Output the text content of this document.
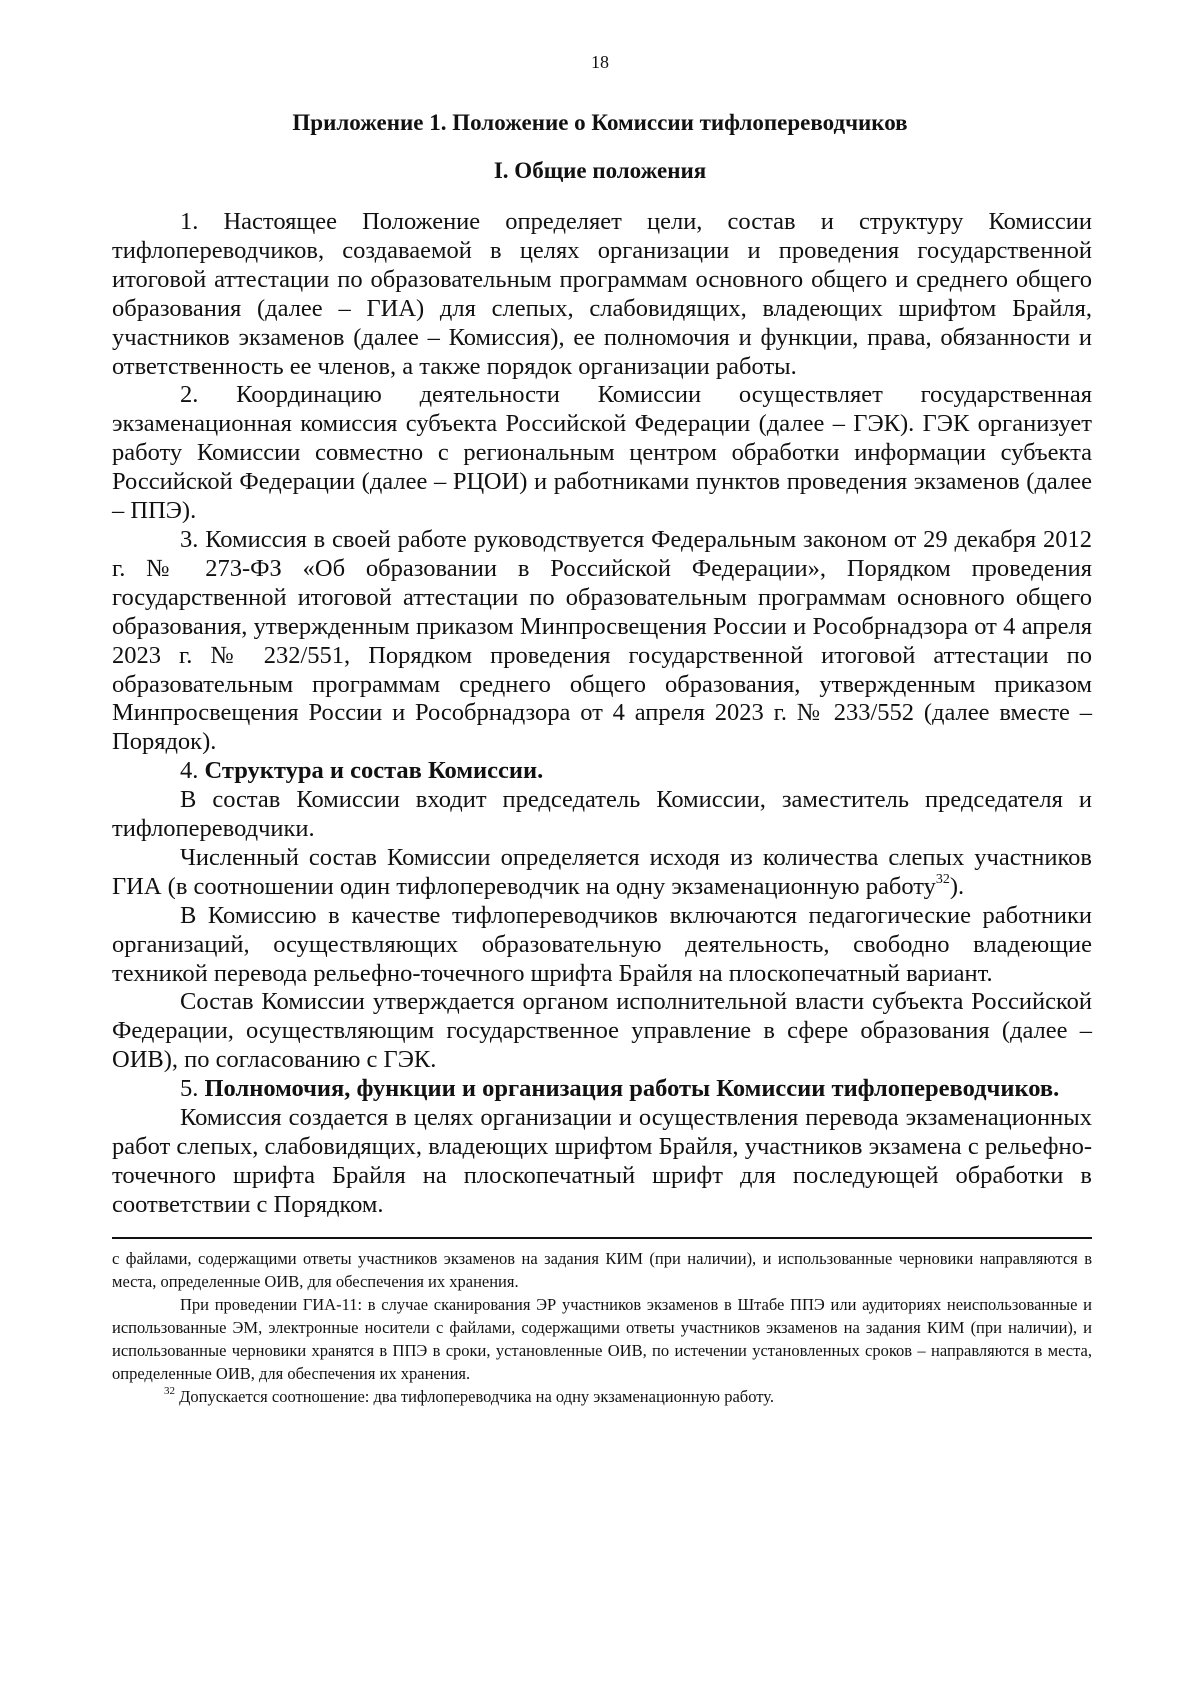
18
Приложение 1. Положение о Комиссии тифлопереводчиков
I. Общие положения

1. Настоящее Положение определяет цели, состав и структуру Комиссии тифлопереводчиков, создаваемой в целях организации и проведения государственной итоговой аттестации по образовательным программам основного общего и среднего общего образования (далее – ГИА) для слепых, слабовидящих, владеющих шрифтом Брайля, участников экзаменов (далее – Комиссия), ее полномочия и функции, права, обязанности и ответственность ее членов, а также порядок организации работы.

2. Координацию деятельности Комиссии осуществляет государственная экзаменационная комиссия субъекта Российской Федерации (далее – ГЭК). ГЭК организует работу Комиссии совместно с региональным центром обработки информации субъекта Российской Федерации (далее – РЦОИ) и работниками пунктов проведения экзаменов (далее – ППЭ).

3. Комиссия в своей работе руководствуется Федеральным законом от 29 декабря 2012 г. № 273-ФЗ «Об образовании в Российской Федерации», Порядком проведения государственной итоговой аттестации по образовательным программам основного общего образования, утвержденным приказом Минпросвещения России и Рособрнадзора от 4 апреля 2023 г. № 232/551, Порядком проведения государственной итоговой аттестации по образовательным программам среднего общего образования, утвержденным приказом Минпросвещения России и Рособрнадзора от 4 апреля 2023 г. № 233/552 (далее вместе – Порядок).

4. Структура и состав Комиссии.

В состав Комиссии входит председатель Комиссии, заместитель председателя и тифлопереводчики.

Численный состав Комиссии определяется исходя из количества слепых участников ГИА (в соотношении один тифлопереводчик на одну экзаменационную работу$^{32}$).

В Комиссию в качестве тифлопереводчиков включаются педагогические работники организаций, осуществляющих образовательную деятельность, свободно владеющие техникой перевода рельефно-точечного шрифта Брайля на плоскопечатный вариант.

Состав Комиссии утверждается органом исполнительной власти субъекта Российской Федерации, осуществляющим государственное управление в сфере образования (далее – ОИВ), по согласованию с ГЭК.

5. Полномочия, функции и организация работы Комиссии тифлопереводчиков.

Комиссия создается в целях организации и осуществления перевода экзаменационных работ слепых, слабовидящих, владеющих шрифтом Брайля, участников экзамена с рельефно-точечного шрифта Брайля на плоскопечатный шрифт для последующей обработки в соответствии с Порядком.

с файлами, содержащими ответы участников экзаменов на задания КИМ (при наличии), и использованные черновики направляются в места, определенные ОИВ, для обеспечения их хранения.

При проведении ГИА-11: в случае сканирования ЭР участников экзаменов в Штабе ППЭ или аудиториях неиспользованные и использованные ЭМ, электронные носители с файлами, содержащими ответы участников экзаменов на задания КИМ (при наличии), и использованные черновики хранятся в ППЭ в сроки, установленные ОИВ, по истечении установленных сроков – направляются в места, определенные ОИВ, для обеспечения их хранения.

$^{32}$ Допускается соотношение: два тифлопереводчика на одну экзаменационную работу.
